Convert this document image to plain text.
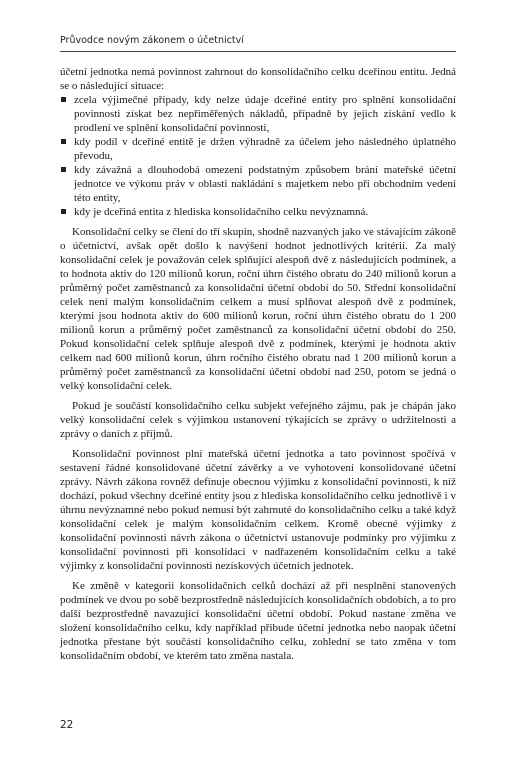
Průvodce novým zákonem o účetnictví

účetní jednotka nemá povinnost zahrnout do konsolidačního celku dceřinou entitu. Jedná se o následující situace:

zcela výjimečné případy, kdy nelze údaje dceřiné entity pro splnění konsolidační povinnosti získat bez nepřiměřených nákladů, případně by jejich získání vedlo k prodlení ve splnění konsolidační povinnosti,
kdy podíl v dceřiné entitě je držen výhradně za účelem jeho následného úplatného převodu,
kdy závažná a dlouhodobá omezení podstatným způsobem brání mateřské účetní jednotce ve výkonu práv v oblasti nakládání s majetkem nebo při obchodním vedení této entity,
kdy je dceřiná entita z hlediska konsolidačního celku nevýznamná.

Konsolidační celky se člení do tří skupin, shodně nazvaných jako ve stávajícím zákoně o účetnictví, avšak opět došlo k navýšení hodnot jednotlivých kritérií. Za malý konsolidační celek je považován celek splňující alespoň dvě z následujících podmínek, a to hodnota aktiv do 120 milionů korun, roční úhrn čistého obratu do 240 milionů korun a průměrný počet zaměstnanců za konsolidační účetní období do 50. Střední konsolidační celek není malým konsolidačním celkem a musí splňovat alespoň dvě z podmínek, kterými jsou hodnota aktiv do 600 milionů korun, roční úhrn čistého obratu do 1 200 milionů korun a průměrný počet zaměstnanců za konsolidační účetní období do 250. Pokud konsolidační celek splňuje alespoň dvě z podmínek, kterými je hodnota aktiv celkem nad 600 milionů korun, úhrn ročního čistého obratu nad 1 200 milionů korun a průměrný počet zaměstnanců za konsolidační účetní období nad 250, potom se jedná o velký konsolidační celek.

Pokud je součástí konsolidačního celku subjekt veřejného zájmu, pak je chápán jako velký konsolidační celek s výjimkou ustanovení týkajících se zprávy o udržitelnosti a zprávy o daních z příjmů.

Konsolidační povinnost plní mateřská účetní jednotka a tato povinnost spočívá v sestavení řádné konsolidované účetní závěrky a ve vyhotovení konsolidované účetní zprávy. Návrh zákona rovněž definuje obecnou výjimku z konsolidační povinnosti, k níž dochází, pokud všechny dceřiné entity jsou z hlediska konsolidačního celku jednotlivě i v úhrnu nevýznamné nebo pokud nemusí být zahrnuté do konsolidačního celku a také když konsolidační celek je malým konsolidačním celkem. Kromě obecné výjimky z konsolidační povinnosti návrh zákona o účetnictví ustanovuje podmínky pro výjimku z konsolidační povinnosti při konsolidaci v nadřazeném konsolidačním celku a také výjimky z konsolidační povinnosti nezískových účetních jednotek.

Ke změně v kategorii konsolidačních celků dochází až při nesplnění stanovených podmínek ve dvou po sobě bezprostředně následujících konsolidačních obdobích, a to pro další bezprostředně navazující konsolidační účetní období. Pokud nastane změna ve složení konsolidačního celku, kdy například přibude účetní jednotka nebo naopak účetní jednotka přestane být součástí konsolidačního celku, zohlední se tato změna v tom konsolidačním období, ve kterém tato změna nastala.

22
